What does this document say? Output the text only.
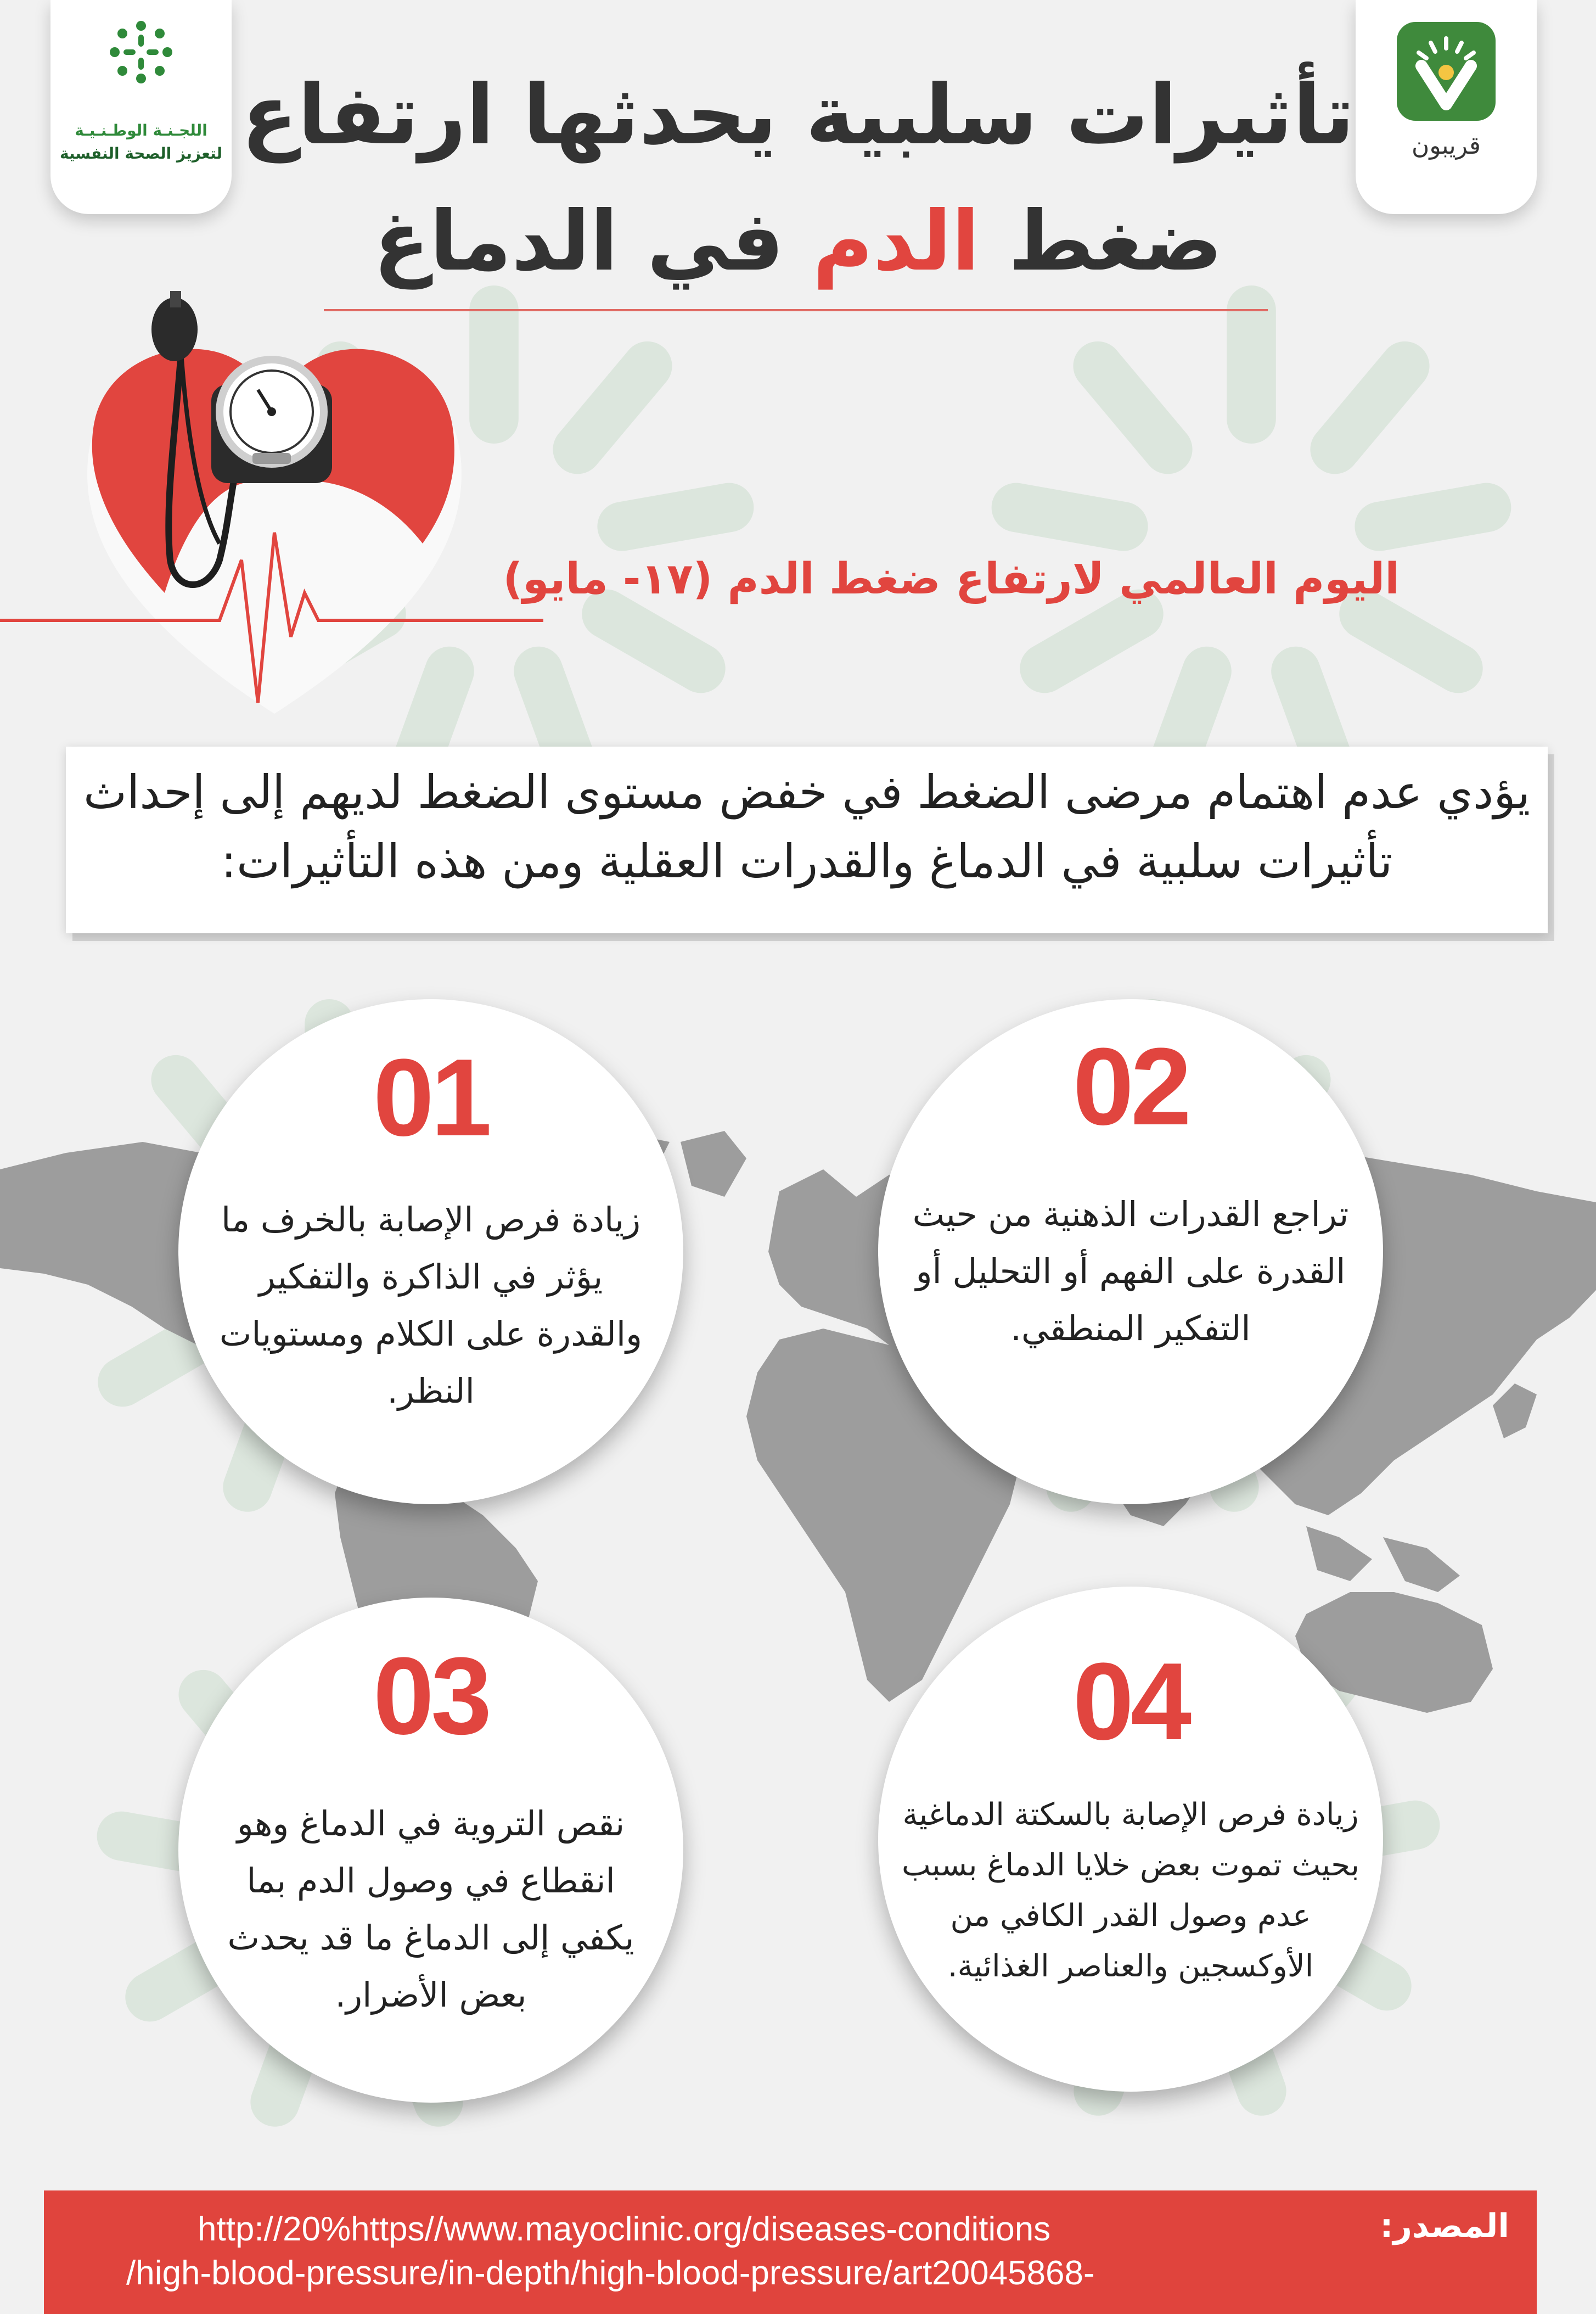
اللجـنـة الوطـنـيـة
لتعزيز الصحة النفسية	قريبون
تأثيرات سلبية يحدثها ارتفاع
ضغط الدم في الدماغ
اليوم العالمي لارتفاع ضغط الدم (١٧- مايو)
يؤدي عدم اهتمام مرضى الضغط في خفض مستوى الضغط لديهم إلى إحداث تأثيرات سلبية في الدماغ والقدرات العقلية ومن هذه التأثيرات:
01
زيادة فرص الإصابة بالخرف ما يؤثر في الذاكرة والتفكير والقدرة على الكلام ومستويات النظر.
02
تراجع القدرات الذهنية من حيث القدرة على الفهم أو التحليل أو التفكير المنطقي.
03
نقص التروية في الدماغ وهو انقطاع في وصول الدم بما يكفي إلى الدماغ ما قد يحدث بعض الأضرار.
04
زيادة فرص الإصابة بالسكتة الدماغية بحيث تموت بعض خلايا الدماغ بسبب عدم وصول القدر الكافي من الأوكسجين والعناصر الغذائية.
المصدر:
http://20%https//www.mayoclinic.org/diseases-conditions
/high-blood-pressure/in-depth/high-blood-pressure/art20045868-
